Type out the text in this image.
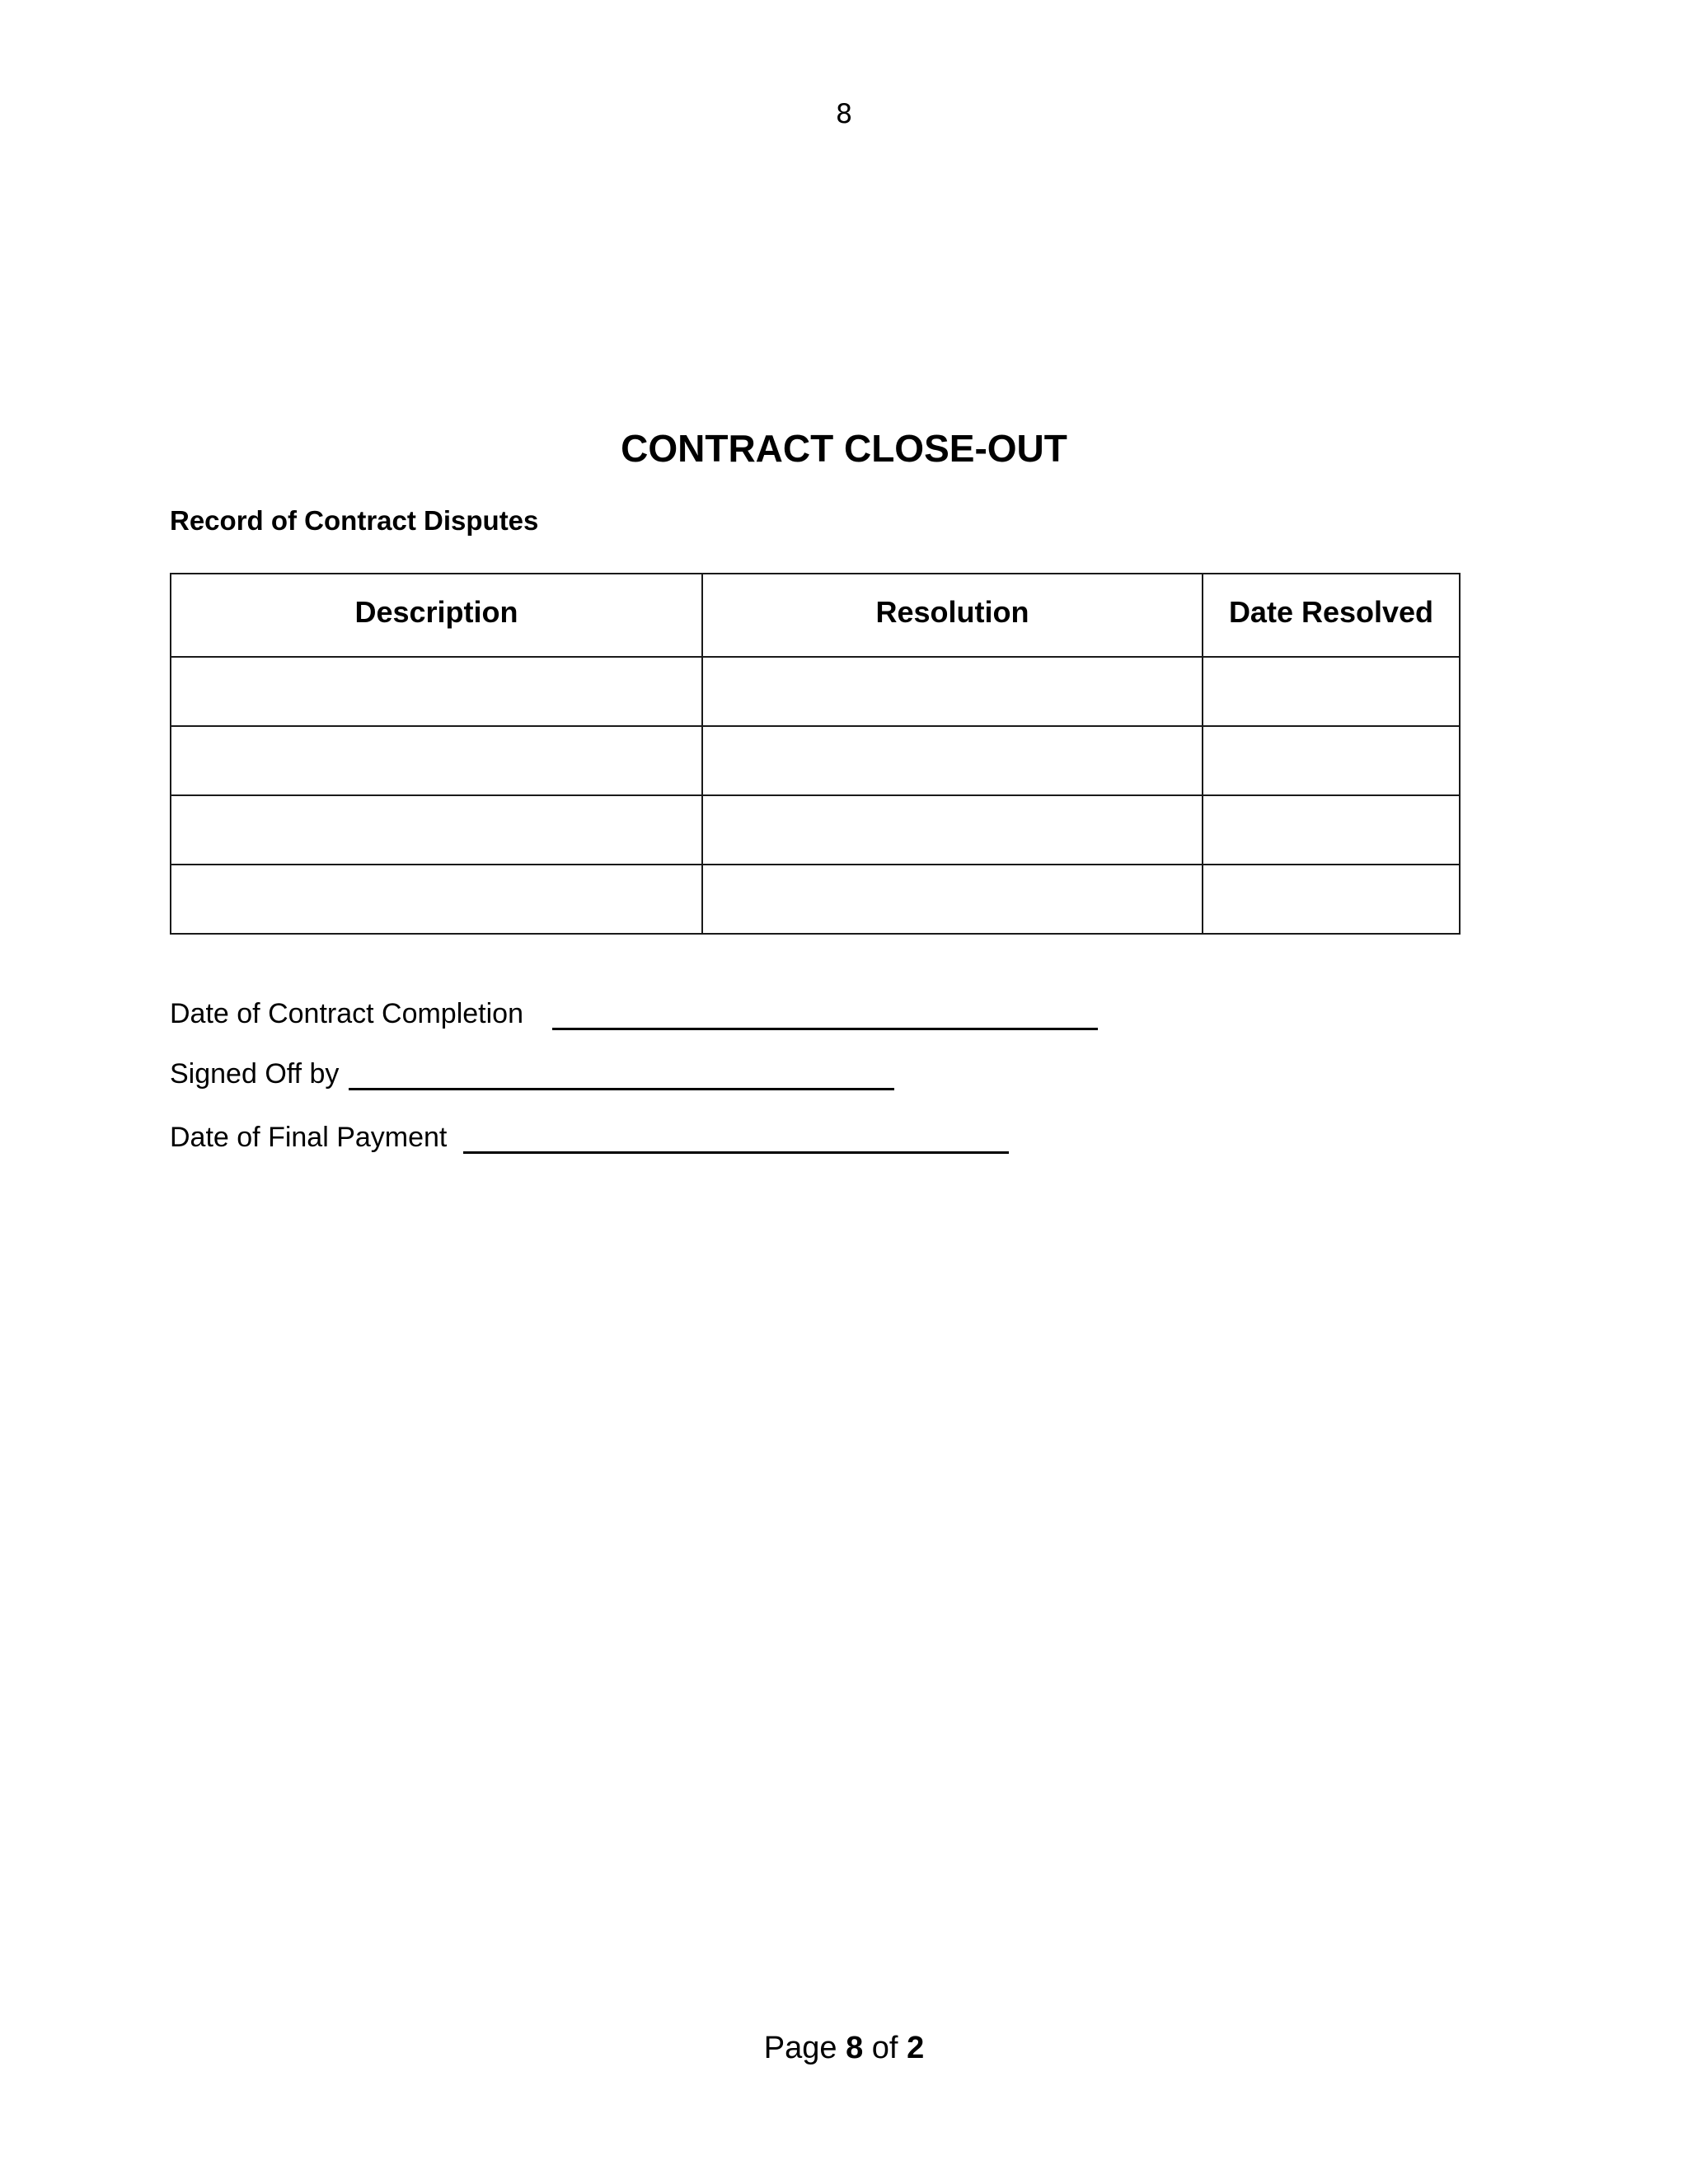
8
CONTRACT CLOSE-OUT
Record of Contract Disputes
Description	Resolution	Date Resolved

Date of Contract Completion
Signed Off by
Date of Final Payment
Page 8 of 2
